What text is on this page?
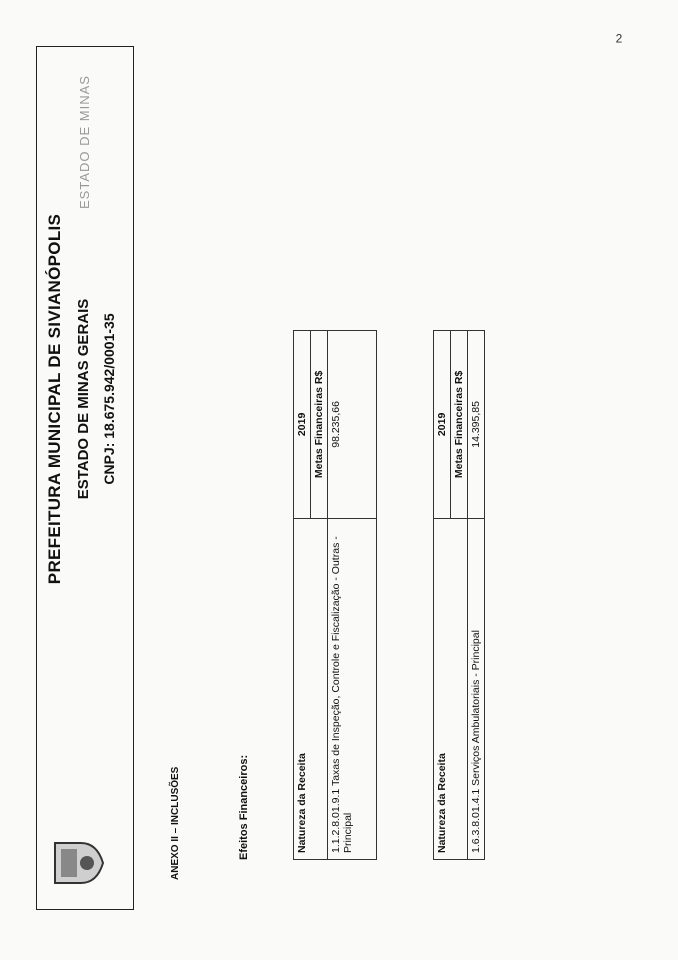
PREFEITURA MUNICIPAL DE SIVIANÓPOLIS ESTADO DE MINAS GERAIS CNPJ: 18.675.942/0001-35
ESTADO DE MINAS
2
ANEXO II – INCLUSÕES	Efeitos Financeiros:	Natureza da Receita	2019
	Metas Financeiras R$
1.1.2.8.01.9.1 Taxas de Inspeção, Controle e Fiscalização - Outras - Principal	98.235,66
Natureza da Receita	2019
	Metas Financeiras R$
1.6.3.8.01.4.1 Serviços Ambulatoriais - Principal	14.395,85
